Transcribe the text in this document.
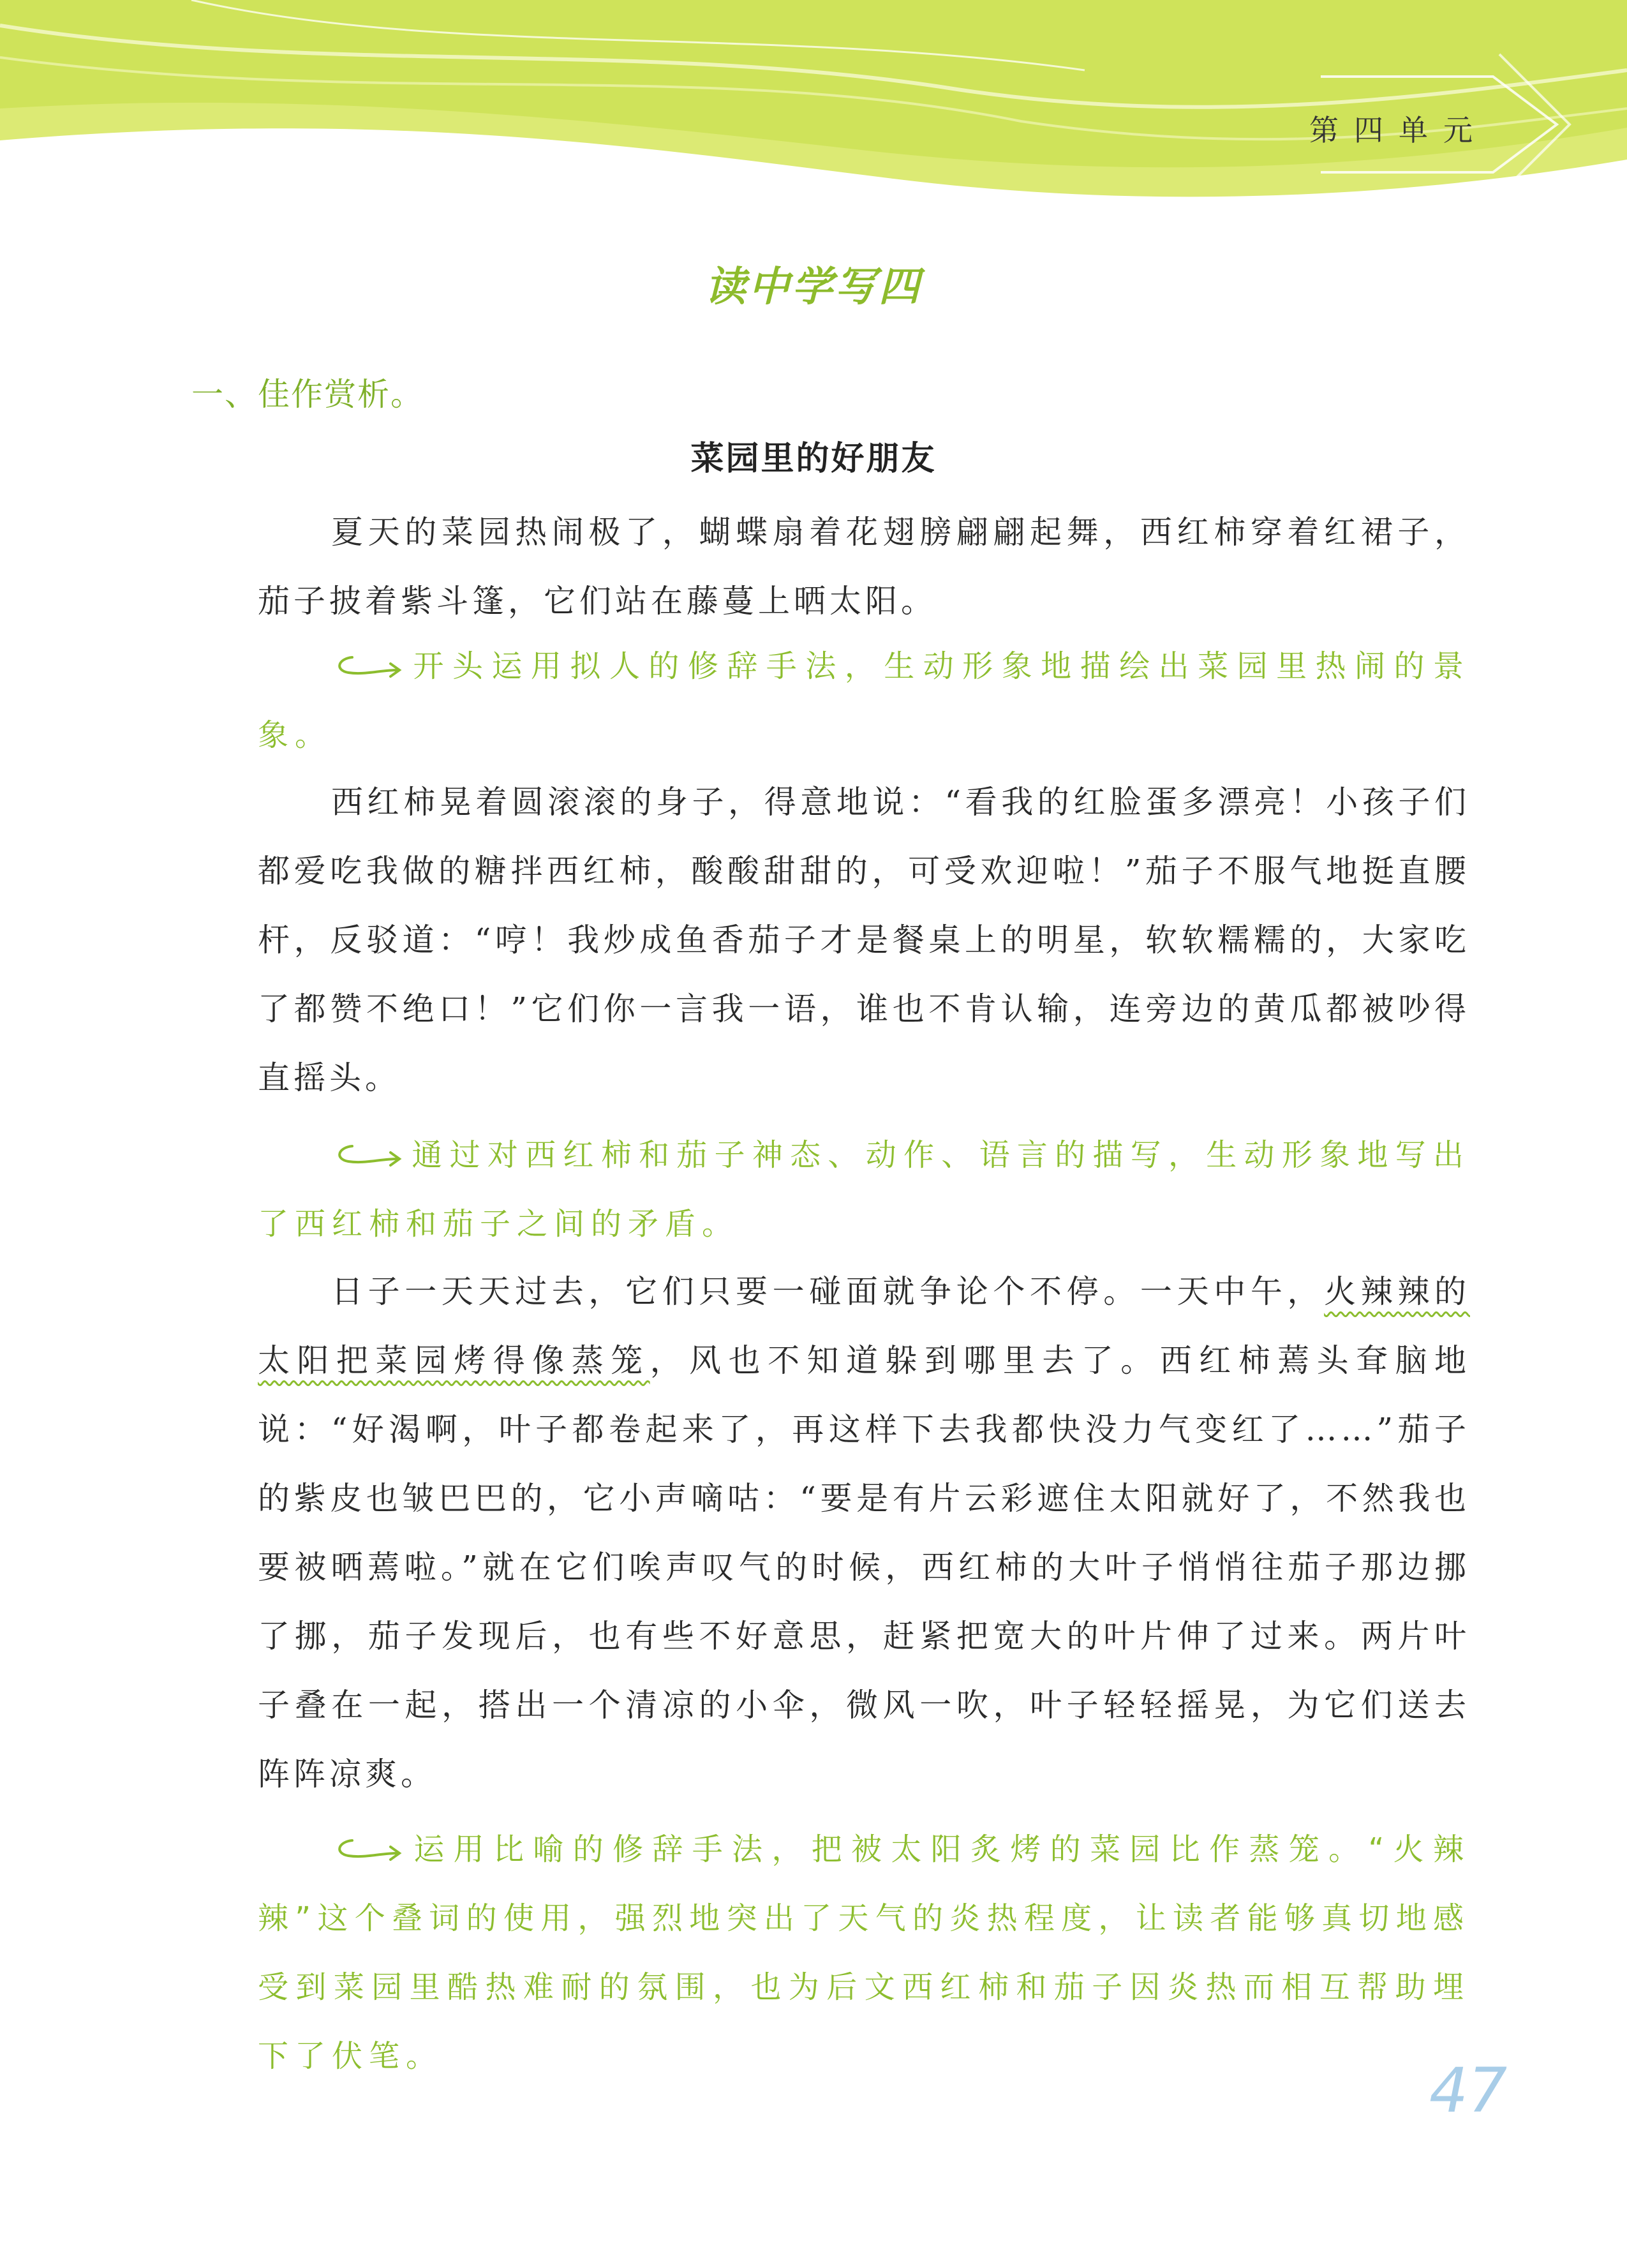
第四单元
读中学写四
一、佳作赏析。
菜园里的好朋友
夏天的菜园热闹极了，蝴蝶扇着花翅膀翩翩起舞，西红柿穿着红裙子，茄子披着紫斗篷，它们站在藤蔓上晒太阳。
开头运用拟人的修辞手法，生动形象地描绘出菜园里热闹的景象。
西红柿晃着圆滚滚的身子，得意地说：“看我的红脸蛋多漂亮！小孩子们都爱吃我做的糖拌西红柿，酸酸甜甜的，可受欢迎啦！”茄子不服气地挺直腰杆，反驳道：“哼！我炒成鱼香茄子才是餐桌上的明星，软软糯糯的，大家吃了都赞不绝口！”它们你一言我一语，谁也不肯认输，连旁边的黄瓜都被吵得直摇头。
通过对西红柿和茄子神态、动作、语言的描写，生动形象地写出了西红柿和茄子之间的矛盾。
日子一天天过去，它们只要一碰面就争论个不停。一天中午，火辣辣的太阳把菜园烤得像蒸笼，风也不知道躲到哪里去了。西红柿蔫头耷脑地说：“好渴啊，叶子都卷起来了，再这样下去我都快没力气变红了……”茄子的紫皮也皱巴巴的，它小声嘀咕：“要是有片云彩遮住太阳就好了，不然我也要被晒蔫啦。”就在它们唉声叹气的时候，西红柿的大叶子悄悄往茄子那边挪了挪，茄子发现后，也有些不好意思，赶紧把宽大的叶片伸了过来。两片叶子叠在一起，搭出一个清凉的小伞，微风一吹，叶子轻轻摇晃，为它们送去阵阵凉爽。
运用比喻的修辞手法，把被太阳炙烤的菜园比作蒸笼。“火辣辣”这个叠词的使用，强烈地突出了天气的炎热程度，让读者能够真切地感受到菜园里酷热难耐的氛围，也为后文西红柿和茄子因炎热而相互帮助埋下了伏笔。	47
